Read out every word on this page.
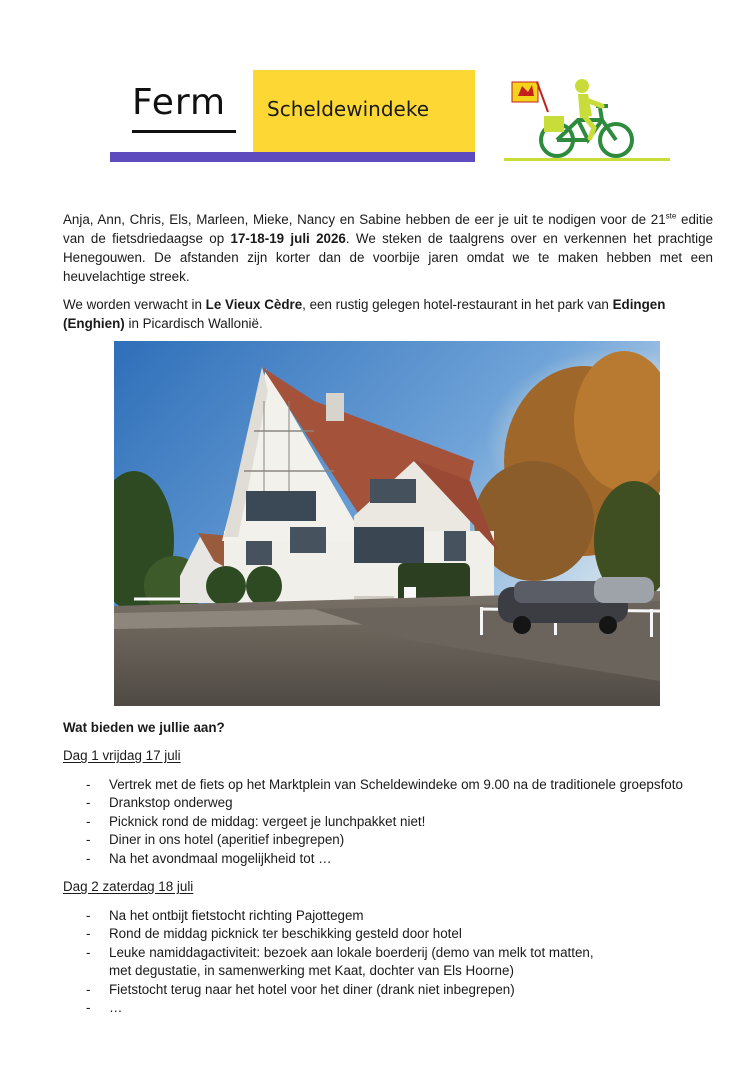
Ferm Scheldewindeke

Anja, Ann, Chris, Els, Marleen, Mieke, Nancy en Sabine hebben de eer je uit te nodigen voor de 21ste editie van de fietsdriedaagse op 17-18-19 juli 2026. We steken de taalgrens over en verkennen het prachtige Henegouwen. De afstanden zijn korter dan de voorbije jaren omdat we te maken hebben met een heuvelachtige streek.

We worden verwacht in Le Vieux Cèdre, een rustig gelegen hotel-restaurant in het park van Edingen (Enghien) in Picardisch Wallonië.

Wat bieden we jullie aan?

Dag 1 vrijdag 17 juli

- Vertrek met de fiets op het Marktplein van Scheldewindeke om 9.00 na de traditionele groepsfoto
- Drankstop onderweg
- Picknick rond de middag: vergeet je lunchpakket niet!
- Diner in ons hotel (aperitief inbegrepen)
- Na het avondmaal mogelijkheid tot …

Dag 2 zaterdag 18 juli

- Na het ontbijt fietstocht richting Pajottegem
- Rond de middag picknick ter beschikking gesteld door hotel
- Leuke namiddagactiviteit: bezoek aan lokale boerderij (demo van melk tot matten,
met degustatie, in samenwerking met Kaat, dochter van Els Hoorne)
- Fietstocht terug naar het hotel voor het diner (drank niet inbegrepen)
- …
